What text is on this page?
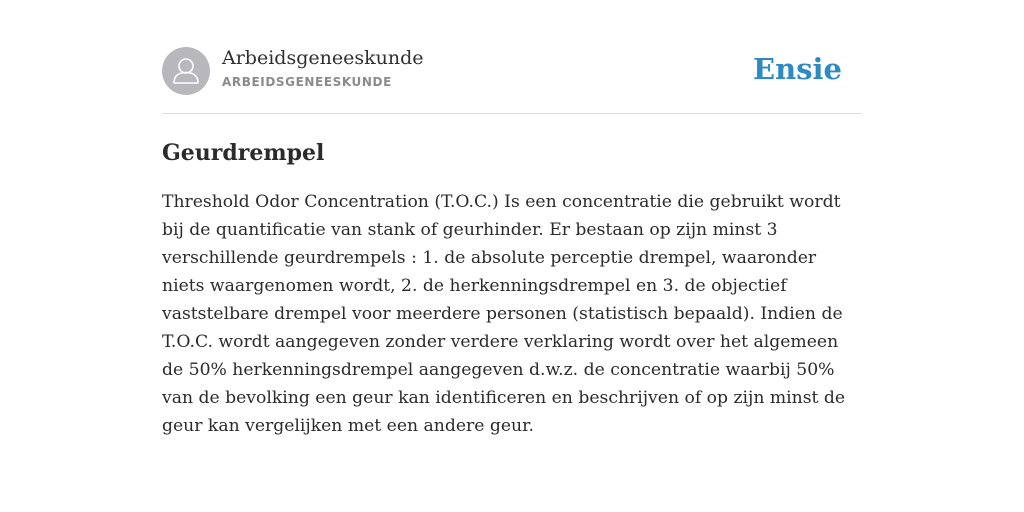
Arbeidsgeneeskunde
ARBEIDSGENEESKUNDE	Ensie
Geurdrempel

Threshold Odor Concentration (T.O.C.) Is een concentratie die gebruikt wordt bij de quantificatie van stank of geurhinder. Er bestaan op zijn minst 3 verschillende geurdrempels : 1. de absolute perceptie drempel, waaronder niets waargenomen wordt, 2. de herkenningsdrempel en 3. de objectief vaststelbare drempel voor meerdere personen (statistisch bepaald). Indien de T.O.C. wordt aangegeven zonder verdere verklaring wordt over het algemeen de 50% herkenningsdrempel aangegeven d.w.z. de concentratie waarbij 50% van de bevolking een geur kan identificeren en beschrijven of op zijn minst de geur kan vergelijken met een andere geur.
